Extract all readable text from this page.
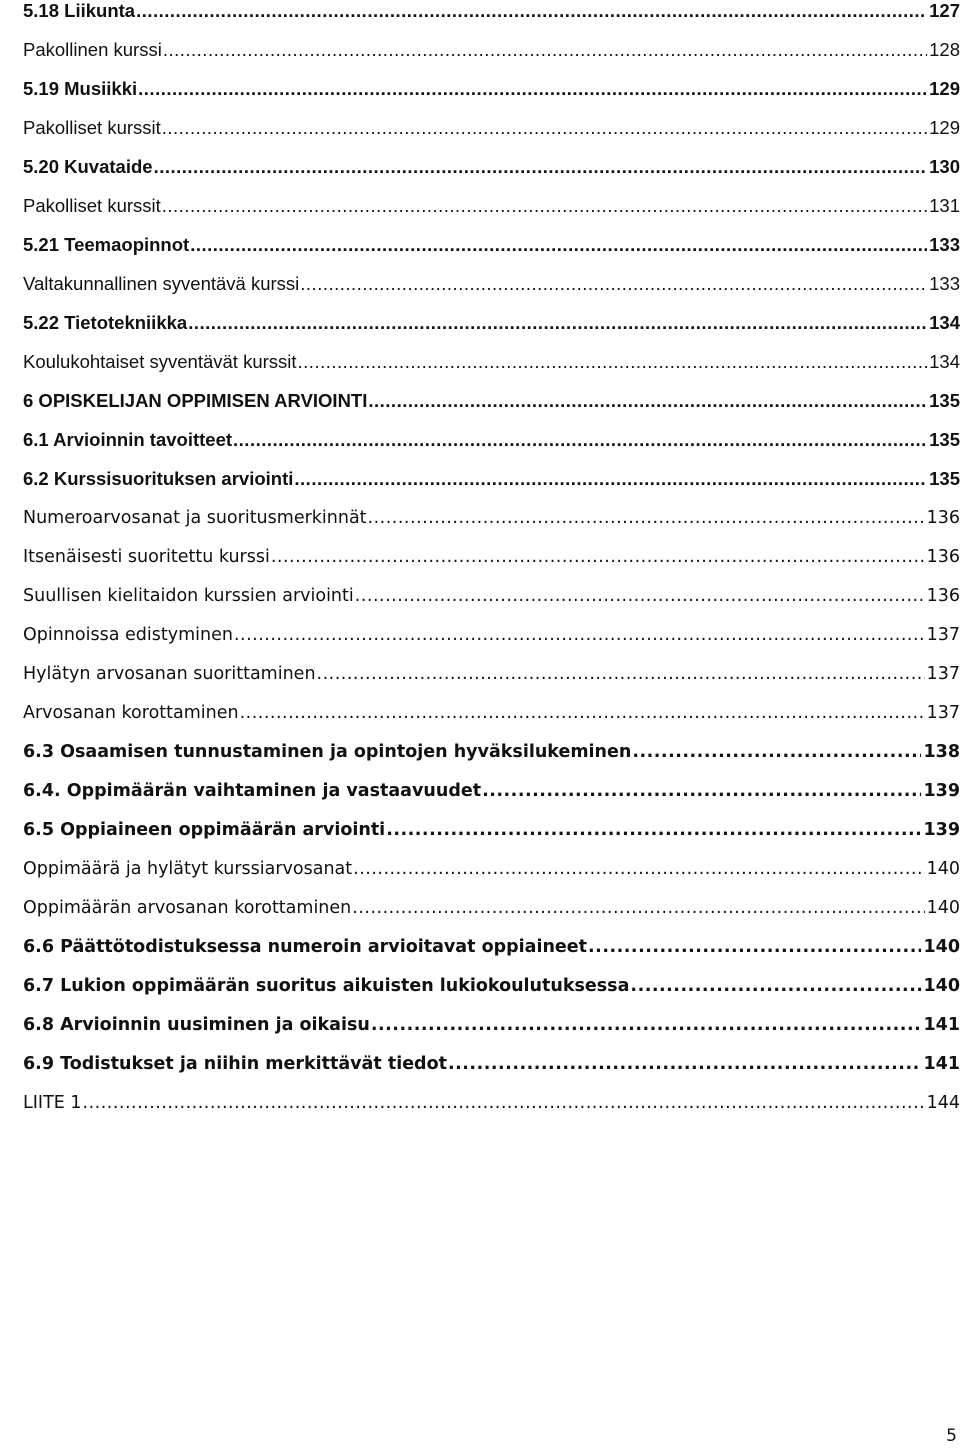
5.18 Liikunta .....	127
Pakollinen kurssi .....	128
5.19 Musiikki .....	129
Pakolliset kurssit .....	129
5.20 Kuvataide .....	130
Pakolliset kurssit .....	131
5.21 Teemaopinnot .....	133
Valtakunnallinen syventävä kurssi .....	133
5.22 Tietotekniikka .....	134
Koulukohtaiset syventävät kurssit .....	134
6 OPISKELIJAN OPPIMISEN ARVIOINTI .....	135
6.1 Arvioinnin tavoitteet .....	135
6.2 Kurssisuorituksen arviointi .....	135
Numeroarvosanat ja suoritusmerkinnät .....	136
Itsenäisesti suoritettu kurssi .....	136
Suullisen kielitaidon kurssien arviointi .....	136
Opinnoissa edistyminen .....	137
Hylätyn arvosanan suorittaminen .....	137
Arvosanan korottaminen .....	137
6.3 Osaamisen tunnustaminen ja opintojen hyväksilukeminen .....	138
6.4. Oppimäärän vaihtaminen ja vastaavuudet .....	139
6.5 Oppiaineen oppimäärän arviointi .....	139
Oppimäärä ja hylätyt kurssiarvosanat .....	140
Oppimäärän arvosanan korottaminen .....	140
6.6 Päättötodistuksessa numeroin arvioitavat oppiaineet .....	140
6.7 Lukion oppimäärän suoritus aikuisten lukiokoulutuksessa .....	140
6.8 Arvioinnin uusiminen ja oikaisu .....	141
6.9 Todistukset ja niihin merkittävät tiedot .....	141
LIITE 1 .....	144
5
